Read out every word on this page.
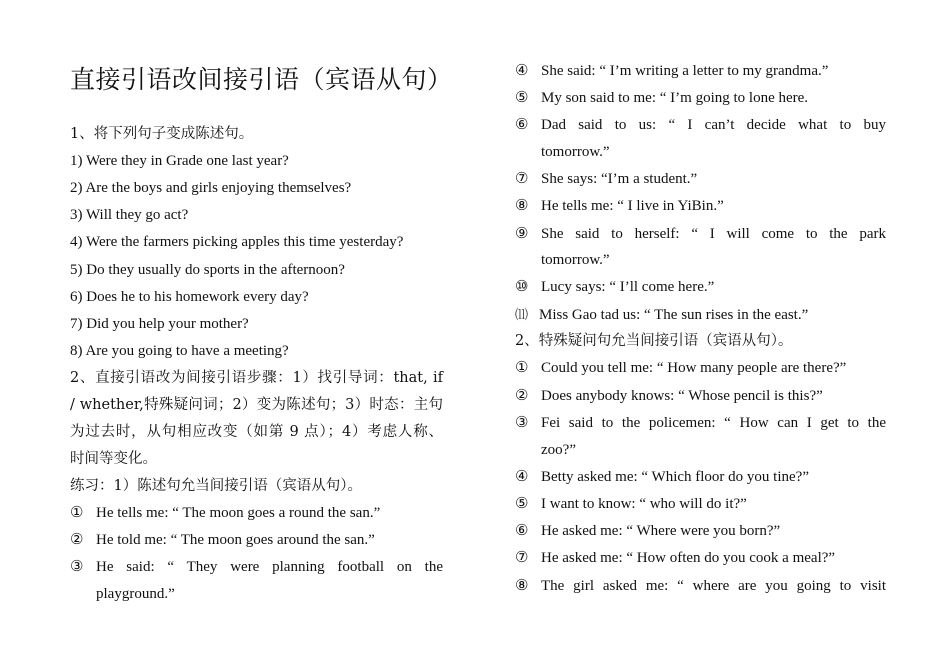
直接引语改间接引语（宾语从句）
1、将下列句子变成陈述句。
1) Were they in Grade one last year?
2) Are the boys and girls enjoying themselves?
3) Will they go act?
4) Were the farmers picking apples this time yesterday?
5) Do they usually do sports in the afternoon?
6) Does he to his homework every day?
7) Did you help your mother?
8) Are you going to have a meeting?
2、直接引语改为间接引语步骤：1）找引导词：that, if
/ whether,特殊疑问词；2）变为陈述句；3）时态：主句
为过去时，从句相应改变（如第 9 点）；4）考虑人称、
时间等变化。
练习：1）陈述句允当间接引语（宾语从句）。
① He tells me: “ The moon goes a round the san.”
② He told me: “ The moon goes around the san.”
③ He said: “ They were planning football on the
playground.”
④ She said: “ I’m writing a letter to my grandma.”
⑤ My son said to me: “ I’m going to lone here.
⑥ Dad said to us: “ I can’t decide what to buy
tomorrow.”
⑦ She says: “I’m a student.”
⑧ He tells me: “ I live in YiBin.”
⑨ She said to herself: “ I will come to the park
tomorrow.”
⑩ Lucy says: “ I’ll come here.”
⑾ Miss Gao tad us: “ The sun rises in the east.”
2、特殊疑问句允当间接引语（宾语从句）。
① Could you tell me: “ How many people are there?”
② Does anybody knows: “ Whose pencil is this?”
③ Fei said to the policemen: “ How can I get to the
zoo?”
④ Betty asked me: “ Which floor do you tine?”
⑤ I want to know: “ who will do it?”
⑥ He asked me: “ Where were you born?”
⑦ He asked me: “ How often do you cook a meal?”
⑧ The girl asked me: “ where are you going to visit
